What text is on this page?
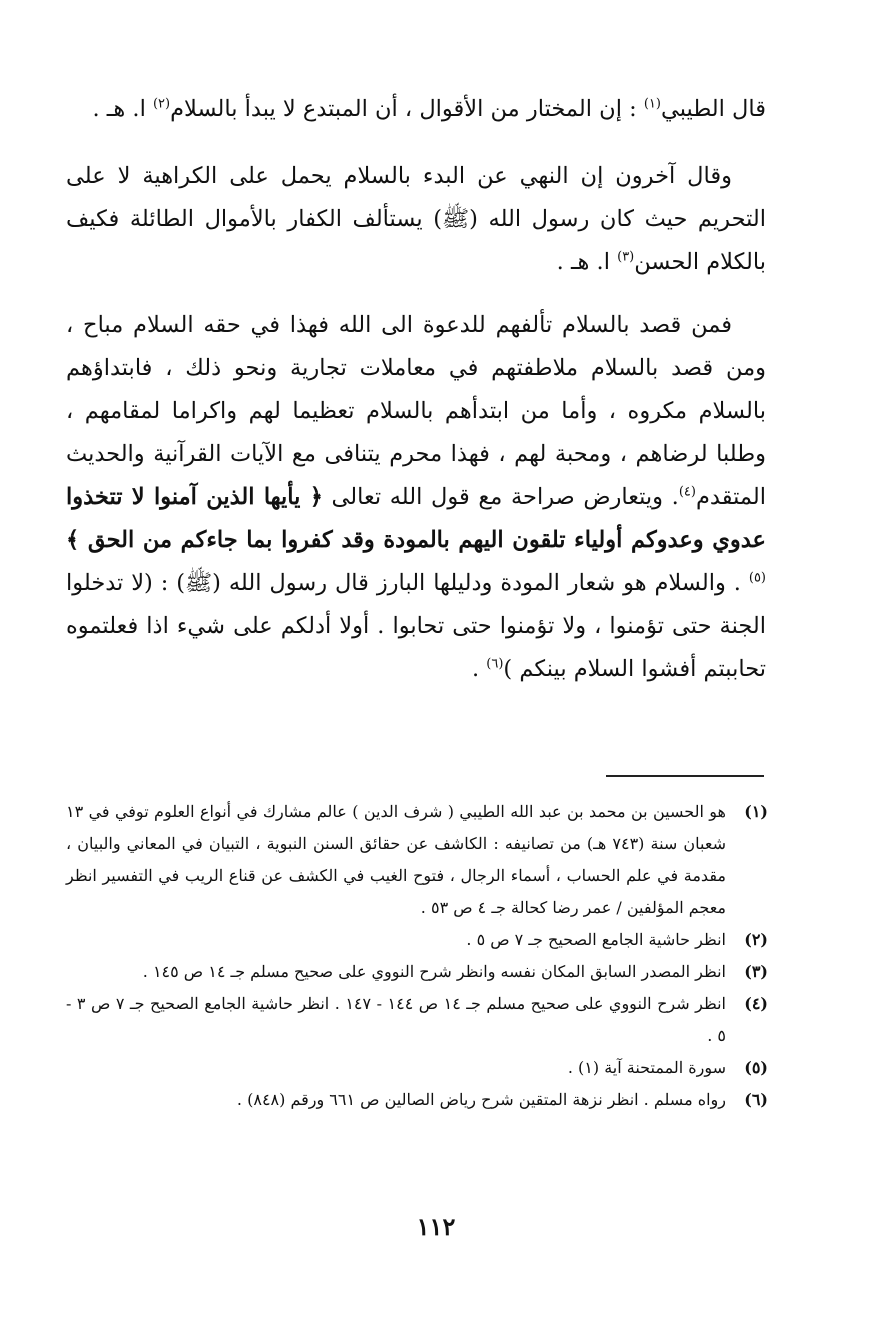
قال الطيبي$^{(١)}$ : إن المختار من الأقوال ، أن المبتدع لا يبدأ بالسلام$^{(٢)}$ ا. هـ .

وقال آخرون إن النهي عن البدء بالسلام يحمل على الكراهية لا على التحريم حيث كان رسول الله (ﷺ) يستألف الكفار بالأموال الطائلة فكيف بالكلام الحسن$^{(٣)}$ ا. هـ .

فمن قصد بالسلام تألفهم للدعوة الى الله فهذا في حقه السلام مباح ، ومن قصد بالسلام ملاطفتهم في معاملات تجارية ونحو ذلك ، فابتداؤهم بالسلام مكروه ، وأما من ابتدأهم بالسلام تعظيما لهم واكراما لمقامهم ، وطلبا لرضاهم ، ومحبة لهم ، فهذا محرم يتنافى مع الآيات القرآنية والحديث المتقدم$^{(٤)}$. ويتعارض صراحة مع قول الله تعالى ﴿ يأيها الذين آمنوا لا تتخذوا عدوي وعدوكم أولياء تلقون اليهم بالمودة وقد كفروا بما جاءكم من الحق ﴾$^{(٥)}$ . والسلام هو شعار المودة ودليلها البارز قال رسول الله (ﷺ) : (لا تدخلوا الجنة حتى تؤمنوا ، ولا تؤمنوا حتى تحابوا . أولا أدلكم على شيء اذا فعلتموه تحاببتم أفشوا السلام بينكم )$^{(٦)}$ .

(١)
هو الحسين بن محمد بن عبد الله الطيبي ( شرف الدين ) عالم مشارك في أنواع العلوم توفي في ١٣ شعبان سنة (٧٤٣ هـ) من تصانيفه : الكاشف عن حقائق السنن النبوية ، التبيان في المعاني والبيان ، مقدمة في علم الحساب ، أسماء الرجال ، فتوح الغيب في الكشف عن قناع الريب في التفسير انظر معجم المؤلفين / عمر رضا كحالة جـ ٤ ص ٥٣ .
(٢)
انظر حاشية الجامع الصحيح جـ ٧ ص ٥ .
(٣)
انظر المصدر السابق المكان نفسه وانظر شرح النووي على صحيح مسلم جـ ١٤ ص ١٤٥ .
(٤)
انظر شرح النووي على صحيح مسلم جـ ١٤ ص ١٤٤ - ١٤٧ . انظر حاشية الجامع الصحيح جـ ٧ ص ٣ - ٥ .
(٥)
سورة الممتحنة آية (١) .
(٦)
رواه مسلم . انظر نزهة المتقين شرح رياض الصالين ص ٦٦١ ورقم (٨٤٨) .
١١٢
